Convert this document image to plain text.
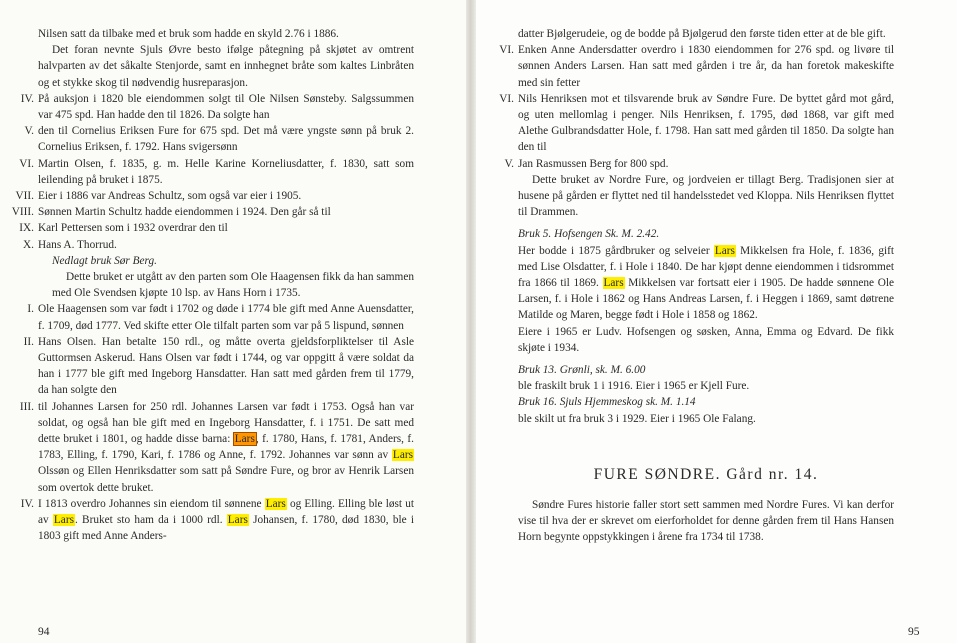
Nilsen satt da tilbake med et bruk som hadde en skyld 2.76 i 1886.
Det foran nevnte Sjuls Øvre besto ifølge påtegning på skjøtet av omtrent halvparten av det såkalte Stenjorde, samt en innhegnet bråte som kaltes Linbråten og et stykke skog til nødvendig husreparasjon.
IV. På auksjon i 1820 ble eiendommen solgt til Ole Nilsen Sønsteby. Salgssummen var 475 spd. Han hadde den til 1826. Da solgte han
V. den til Cornelius Eriksen Fure for 675 spd. Det må være yngste sønn på bruk 2. Cornelius Eriksen, f. 1792. Hans svigersønn
VI. Martin Olsen, f. 1835, g. m. Helle Karine Korneliusdatter, f. 1830, satt som leilending på bruket i 1875.
VII. Eier i 1886 var Andreas Schultz, som også var eier i 1905.
VIII. Sønnen Martin Schultz hadde eiendommen i 1924. Den går så til
IX. Karl Pettersen som i 1932 overdrar den til
X. Hans A. Thorrud.
Nedlagt bruk Sør Berg.
Dette bruket er utgått av den parten som Ole Haagensen fikk da han sammen med Ole Svendsen kjøpte 10 lsp. av Hans Horn i 1735.
I. Ole Haagensen som var født i 1702 og døde i 1774 ble gift med Anne Auensdatter, f. 1709, død 1777. Ved skifte etter Ole tilfalt parten som var på 5 lispund, sønnen
II. Hans Olsen. Han betalte 150 rdl., og måtte overta gjeldsforpliktelser til Asle Guttormsen Askerud. Hans Olsen var født i 1744, og var oppgitt å være soldat da han i 1777 ble gift med Ingeborg Hansdatter. Han satt med gården frem til 1779, da han solgte den
III. til Johannes Larsen for 250 rdl. Johannes Larsen var født i 1753. Også han var soldat, og også han ble gift med en Ingeborg Hansdatter, f. i 1751. De satt med dette bruket i 1801, og hadde disse barna: Lars, f. 1780, Hans, f. 1781, Anders, f. 1783, Elling, f. 1790, Kari, f. 1786 og Anne, f. 1792. Johannes var sønn av Lars Olssøn og Ellen Henriksdatter som satt på Søndre Fure, og bror av Henrik Larsen som overtok dette bruket.
IV. I 1813 overdro Johannes sin eiendom til sønnene Lars og Elling. Elling ble løst ut av Lars. Bruket sto ham da i 1000 rdl. Lars Johansen, f. 1780, død 1830, ble i 1803 gift med Anne Anders-
94
datter Bjølgerudeie, og de bodde på Bjølgerud den første tiden etter at de ble gift.
VI. Enken Anne Andersdatter overdro i 1830 eiendommen for 276 spd. og livøre til sønnen Anders Larsen. Han satt med gården i tre år, da han foretok makeskifte med sin fetter
VI. Nils Henriksen mot et tilsvarende bruk av Søndre Fure. De byttet gård mot gård, og uten mellomlag i penger. Nils Henriksen, f. 1795, død 1868, var gift med Alethe Gulbrandsdatter Hole, f. 1798. Han satt med gården til 1850. Da solgte han den til
V. Jan Rasmussen Berg for 800 spd.
Dette bruket av Nordre Fure, og jordveien er tillagt Berg. Tradisjonen sier at husene på gården er flyttet ned til handelsstedet ved Kloppa. Nils Henriksen flyttet til Drammen.
Bruk 5. Hofsengen Sk. M. 2.42.
Her bodde i 1875 gårdbruker og selveier Lars Mikkelsen fra Hole, f. 1836, gift med Lise Olsdatter, f. i Hole i 1840. De har kjøpt denne eiendommen i tidsrommet fra 1866 til 1869. Lars Mikkelsen var fortsatt eier i 1905. De hadde sønnene Ole Larsen, f. i Hole i 1862 og Hans Andreas Larsen, f. i Heggen i 1869, samt døtrene Matilde og Maren, begge født i Hole i 1858 og 1862.
Eiere i 1965 er Ludv. Hofsengen og søsken, Anna, Emma og Edvard. De fikk skjøte i 1934.
Bruk 13. Grønli, sk. M. 6.00
ble fraskilt bruk 1 i 1916. Eier i 1965 er Kjell Fure.
Bruk 16. Sjuls Hjemmeskog sk. M. 1.14
ble skilt ut fra bruk 3 i 1929. Eier i 1965 Ole Falang.
FURE SØNDRE. Gård nr. 14.
Søndre Fures historie faller stort sett sammen med Nordre Fures. Vi kan derfor vise til hva der er skrevet om eierforholdet for denne gården frem til Hans Hansen Horn begynte oppstykkingen i årene fra 1734 til 1738.
95
